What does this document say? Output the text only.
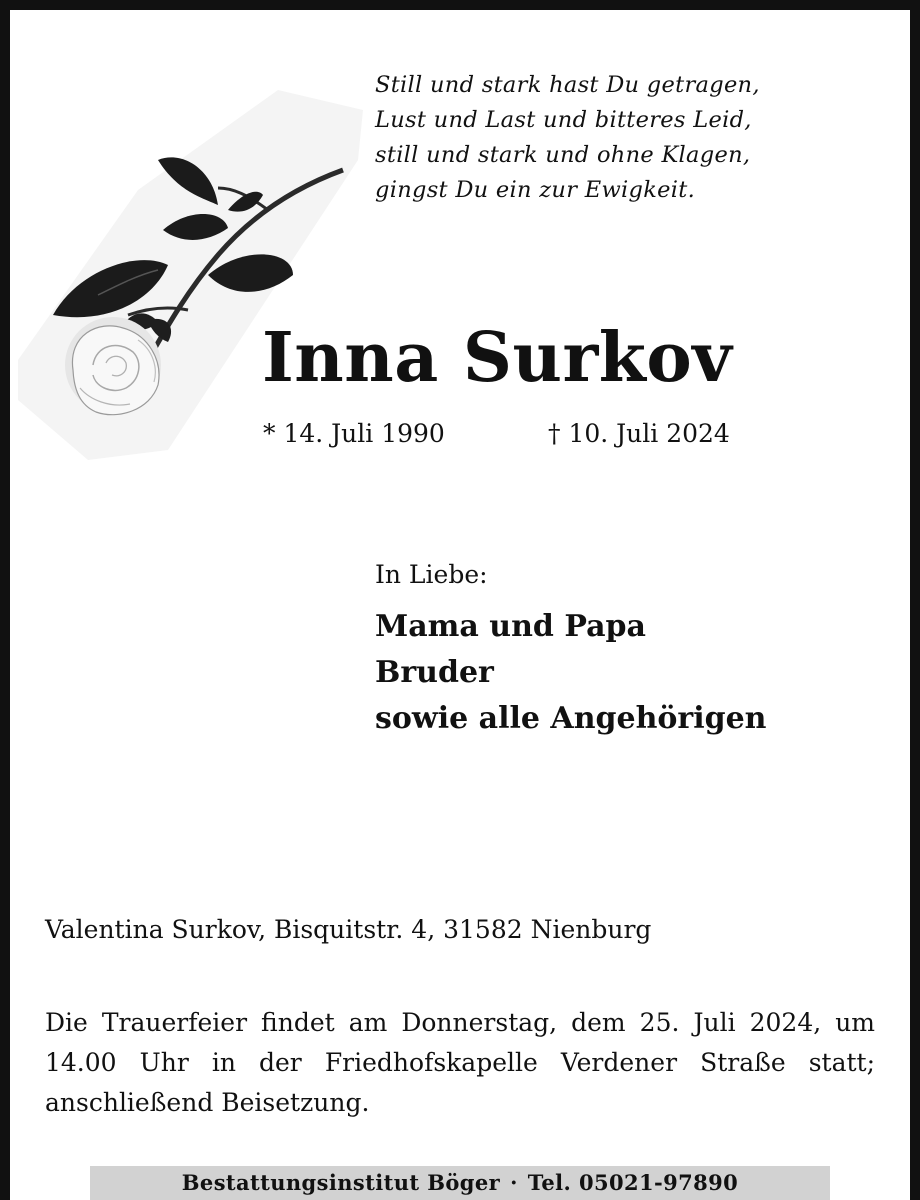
Still und stark hast Du getragen,
Lust und Last und bitteres Leid,
still und stark und ohne Klagen,
gingst Du ein zur Ewigkeit.
Inna Surkov
* 14. Juli 1990	† 10. Juli 2024
In Liebe:
Mama und Papa
Bruder
sowie alle Angehörigen
Valentina Surkov, Bisquitstr. 4, 31582 Nienburg
Die Trauerfeier findet am Donnerstag, dem 25. Juli 2024, um 14.00 Uhr in der Friedhofskapelle Verdener Straße statt; anschließend Beisetzung.
Bestattungsinstitut Böger · Tel. 05021-97890
